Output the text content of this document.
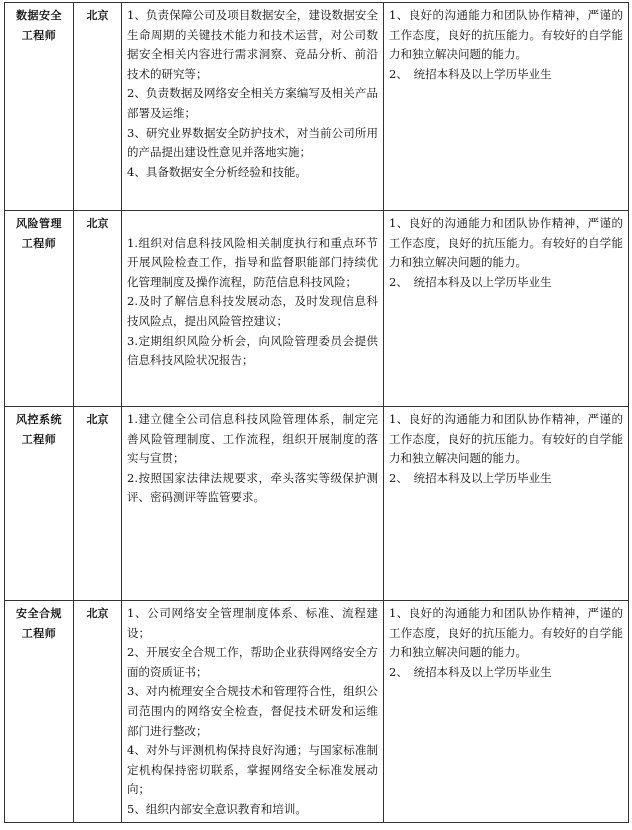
数据安全
工程师	北京	1、负责保障公司及项目数据安全，建设数据安全生命周期的关键技术能力和技术运营，对公司数据安全相关内容进行需求洞察、竞品分析、前沿技术的研究等；
2、负责数据及网络安全相关方案编写及相关产品部署及运维；
3、研究业界数据安全防护技术，对当前公司所用的产品提出建设性意见并落地实施；
4、具备数据安全分析经验和技能。	1、良好的沟通能力和团队协作精神，严谨的工作态度，良好的抗压能力。有较好的自学能力和独立解决问题的能力。
2、　统招本科及以上学历毕业生

风险管理
工程师	北京	1.组织对信息科技风险相关制度执行和重点环节开展风险检查工作，指导和监督职能部门持续优化管理制度及操作流程，防范信息科技风险；
2.及时了解信息科技发展动态，及时发现信息科技风险点，提出风险管控建议；
3.定期组织风险分析会，向风险管理委员会提供信息科技风险状况报告；	1、良好的沟通能力和团队协作精神，严谨的工作态度，良好的抗压能力。有较好的自学能力和独立解决问题的能力。
2、　统招本科及以上学历毕业生

风控系统
工程师	北京	1.建立健全公司信息科技风险管理体系，制定完善风险管理制度、工作流程，组织开展制度的落实与宣贯；
2.按照国家法律法规要求，牵头落实等级保护测评、密码测评等监管要求。	1、良好的沟通能力和团队协作精神，严谨的工作态度，良好的抗压能力。有较好的自学能力和独立解决问题的能力。
2、　统招本科及以上学历毕业生

安全合规
工程师	北京	1、公司网络安全管理制度体系、标准、流程建设；
2、开展安全合规工作，帮助企业获得网络安全方面的资质证书；
3、对内梳理安全合规技术和管理符合性，组织公司范围内的网络安全检查，督促技术研发和运维部门进行整改；
4、对外与评测机构保持良好沟通；与国家标准制定机构保持密切联系，掌握网络安全标准发展动向；
5、组织内部安全意识教育和培训。	1、良好的沟通能力和团队协作精神，严谨的工作态度，良好的抗压能力。有较好的自学能力和独立解决问题的能力。
2、　统招本科及以上学历毕业生
